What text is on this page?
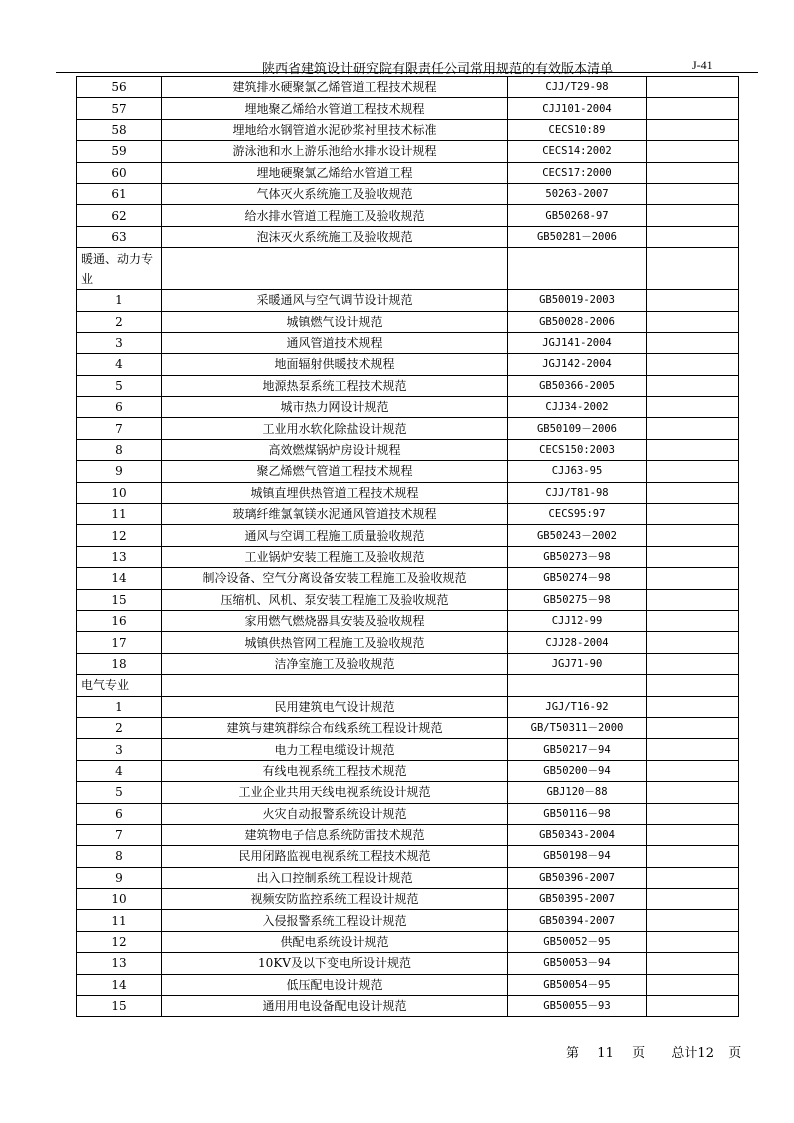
陕西省建筑设计研究院有限责任公司常用规范的有效版本清单	J-41
56	建筑排水硬聚氯乙烯管道工程技术规程	CJJ/T29-98	
57	埋地聚乙烯给水管道工程技术规程	CJJ101-2004	
58	埋地给水钢管道水泥砂浆衬里技术标准	CECS10:89	
59	游泳池和水上游乐池给水排水设计规程	CECS14:2002	
60	埋地硬聚氯乙烯给水管道工程	CECS17:2000	
61	气体灭火系统施工及验收规范	50263-2007	
62	给水排水管道工程施工及验收规范	GB50268-97	
63	泡沫灭火系统施工及验收规范	GB50281－2006	
暖通、动力专业			
1	采暖通风与空气调节设计规范	GB50019-2003	
2	城镇燃气设计规范	GB50028-2006	
3	通风管道技术规程	JGJ141-2004	
4	地面辐射供暖技术规程	JGJ142-2004	
5	地源热泵系统工程技术规范	GB50366-2005	
6	城市热力网设计规范	CJJ34-2002	
7	工业用水软化除盐设计规范	GB50109－2006	
8	高效燃煤锅炉房设计规程	CECS150:2003	
9	聚乙烯燃气管道工程技术规程	CJJ63-95	
10	城镇直埋供热管道工程技术规程	CJJ/T81-98	
11	玻璃纤维氯氧镁水泥通风管道技术规程	CECS95:97	
12	通风与空调工程施工质量验收规范	GB50243－2002	
13	工业锅炉安装工程施工及验收规范	GB50273－98	
14	制冷设备、空气分离设备安装工程施工及验收规范	GB50274－98	
15	压缩机、风机、泵安装工程施工及验收规范	GB50275－98	
16	家用燃气燃烧器具安装及验收规程	CJJ12-99	
17	城镇供热管网工程施工及验收规范	CJJ28-2004	
18	洁净室施工及验收规范	JGJ71-90	
电气专业			
1	民用建筑电气设计规范	JGJ/T16-92	
2	建筑与建筑群综合布线系统工程设计规范	GB/T50311－2000	
3	电力工程电缆设计规范	GB50217－94	
4	有线电视系统工程技术规范	GB50200－94	
5	工业企业共用天线电视系统设计规范	GBJ120－88	
6	火灾自动报警系统设计规范	GB50116－98	
7	建筑物电子信息系统防雷技术规范	GB50343-2004	
8	民用闭路监视电视系统工程技术规范	GB50198－94	
9	出入口控制系统工程设计规范	GB50396-2007	
10	视频安防监控系统工程设计规范	GB50395-2007	
11	入侵报警系统工程设计规范	GB50394-2007	
12	供配电系统设计规范	GB50052－95	
13	10KV及以下变电所设计规范	GB50053－94	
14	低压配电设计规范	GB50054－95	
15	通用用电设备配电设计规范	GB50055－93	
第 11 页 总计12 页
